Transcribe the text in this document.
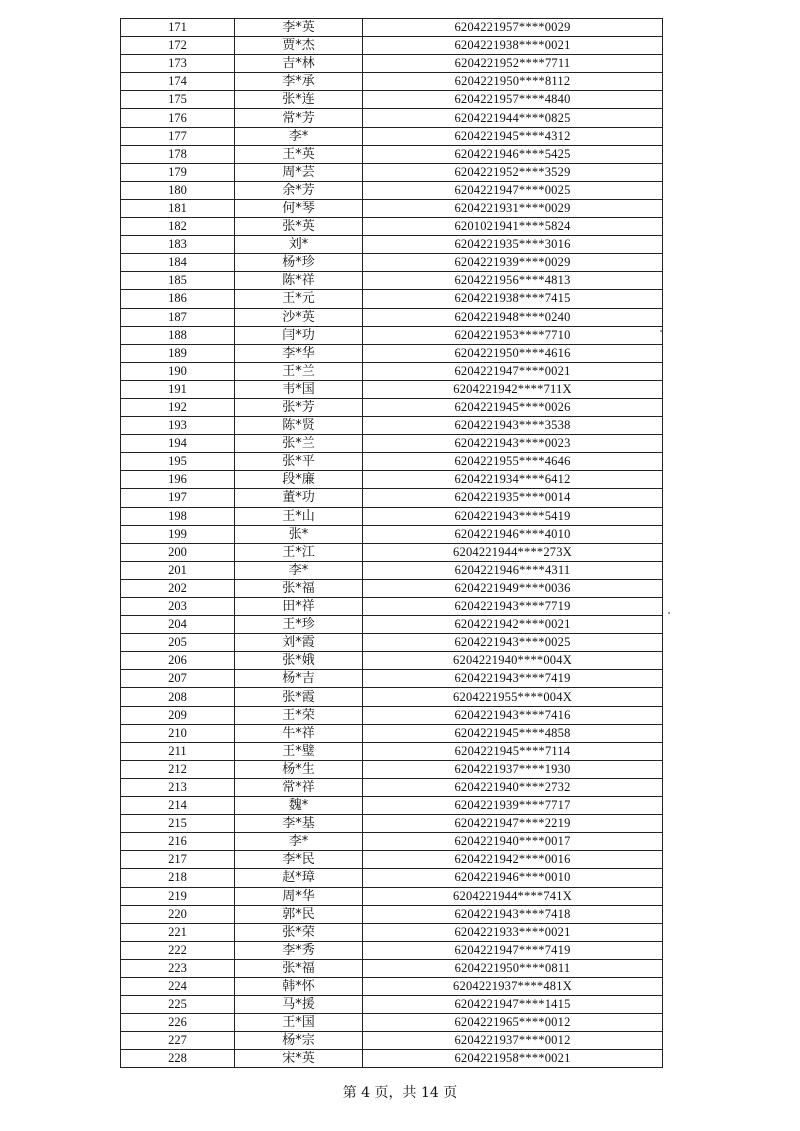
171	李*英	6204221957****0029
172	贾*杰	6204221938****0021
173	吉*林	6204221952****7711
174	李*承	6204221950****8112
175	张*连	6204221957****4840
176	常*芳	6204221944****0825
177	李*	6204221945****4312
178	王*英	6204221946****5425
179	周*芸	6204221952****3529
180	余*芳	6204221947****0025
181	何*琴	6204221931****0029
182	张*英	6201021941****5824
183	刘*	6204221935****3016
184	杨*珍	6204221939****0029
185	陈*祥	6204221956****4813
186	王*元	6204221938****7415
187	沙*英	6204221948****0240
188	闫*功	6204221953****7710
189	李*华	6204221950****4616
190	王*兰	6204221947****0021
191	韦*国	6204221942****711X
192	张*芳	6204221945****0026
193	陈*贤	6204221943****3538
194	张*兰	6204221943****0023
195	张*平	6204221955****4646
196	段*廉	6204221934****6412
197	董*功	6204221935****0014
198	王*山	6204221943****5419
199	张*	6204221946****4010
200	王*江	6204221944****273X
201	李*	6204221946****4311
202	张*福	6204221949****0036
203	田*祥	6204221943****7719
204	王*珍	6204221942****0021
205	刘*霞	6204221943****0025
206	张*娥	6204221940****004X
207	杨*吉	6204221943****7419
208	张*霞	6204221955****004X
209	王*荣	6204221943****7416
210	牛*祥	6204221945****4858
211	王*璧	6204221945****7114
212	杨*生	6204221937****1930
213	常*祥	6204221940****2732
214	魏*	6204221939****7717
215	李*基	6204221947****2219
216	李*	6204221940****0017
217	李*民	6204221942****0016
218	赵*璋	6204221946****0010
219	周*华	6204221944****741X
220	郭*民	6204221943****7418
221	张*荣	6204221933****0021
222	李*秀	6204221947****7419
223	张*福	6204221950****0811
224	韩*怀	6204221937****481X
225	马*援	6204221947****1415
226	王*国	6204221965****0012
227	杨*宗	6204221937****0012
228	宋*英	6204221958****0021
第 4 页，共 14 页
